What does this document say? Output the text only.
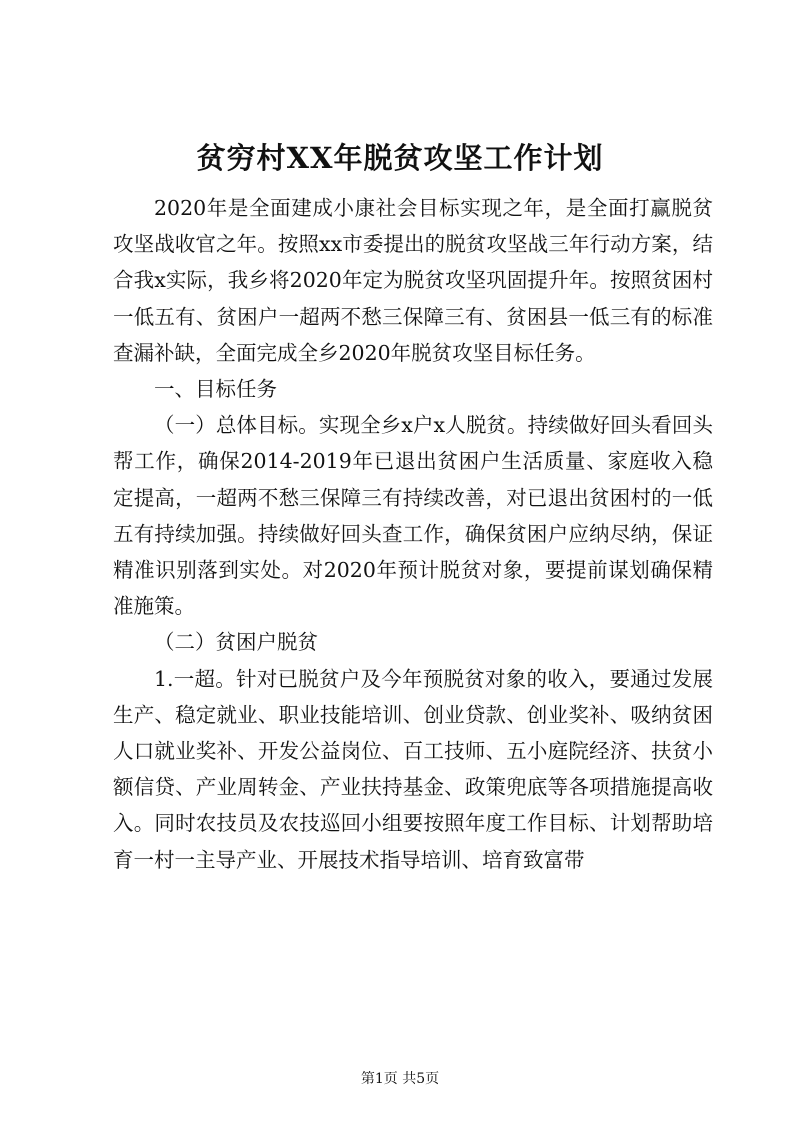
贫穷村XX年脱贫攻坚工作计划

2020年是全面建成小康社会目标实现之年，是全面打赢脱贫攻坚战收官之年。按照xx市委提出的脱贫攻坚战三年行动方案，结合我x实际，我乡将2020年定为脱贫攻坚巩固提升年。按照贫困村一低五有、贫困户一超两不愁三保障三有、贫困县一低三有的标准查漏补缺，全面完成全乡2020年脱贫攻坚目标任务。

一、目标任务

（一）总体目标。实现全乡x户x人脱贫。持续做好回头看回头帮工作，确保2014-2019年已退出贫困户生活质量、家庭收入稳定提高，一超两不愁三保障三有持续改善，对已退出贫困村的一低五有持续加强。持续做好回头查工作，确保贫困户应纳尽纳，保证精准识别落到实处。对2020年预计脱贫对象，要提前谋划确保精准施策。

（二）贫困户脱贫

1.一超。针对已脱贫户及今年预脱贫对象的收入，要通过发展生产、稳定就业、职业技能培训、创业贷款、创业奖补、吸纳贫困人口就业奖补、开发公益岗位、百工技师、五小庭院经济、扶贫小额信贷、产业周转金、产业扶持基金、政策兜底等各项措施提高收入。同时农技员及农技巡回小组要按照年度工作目标、计划帮助培育一村一主导产业、开展技术指导培训、培育致富带

第1页 共5页
